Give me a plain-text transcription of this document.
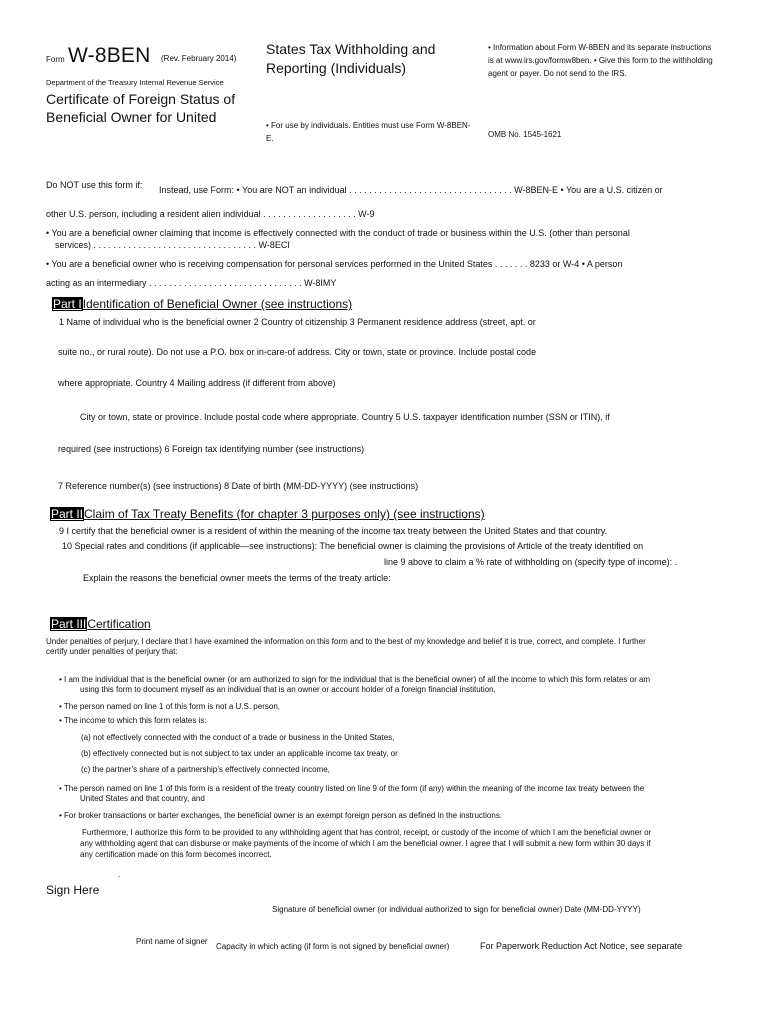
Form W-8BEN (Rev. February 2014)
Department of the Treasury Internal Revenue Service
Certificate of Foreign Status of Beneficial Owner for United
States Tax Withholding and Reporting (Individuals)
• For use by individuals. Entities must use Form W-8BEN-E.
• Information about Form W-8BEN and its separate instructions is at www.irs.gov/formw8ben. • Give this form to the withholding agent or payer. Do not send to the IRS.
OMB No. 1545-1621
Do NOT use this form if: Instead, use Form: • You are NOT an individual . . . . . . . . . . . . . . . . . . . . . . . . . . . . . . . . . W-8BEN-E • You are a U.S. citizen or
other U.S. person, including a resident alien individual . . . . . . . . . . . . . . . . . . . W-9
• You are a beneficial owner claiming that income is effectively connected with the conduct of trade or business within the U.S. (other than personal
services) . . . . . . . . . . . . . . . . . . . . . . . . . . . . . . . . . W-8ECI
• You are a beneficial owner who is receiving compensation for personal services performed in the United States . . . . . . . 8233 or W-4 • A person
acting as an intermediary . . . . . . . . . . . . . . . . . . . . . . . . . . . . . . . W-8IMY
Part IIdentification of Beneficial Owner (see instructions)
1 Name of individual who is the beneficial owner 2 Country of citizenship 3 Permanent residence address (street, apt. or
suite no., or rural route). Do not use a P.O. box or in-care-of address. City or town, state or province. Include postal code
where appropriate. Country 4 Mailing address (if different from above)
City or town, state or province. Include postal code where appropriate. Country 5 U.S. taxpayer identification number (SSN or ITIN), if
required (see instructions) 6 Foreign tax identifying number (see instructions)
7 Reference number(s) (see instructions) 8 Date of birth (MM-DD-YYYY) (see instructions)
Part IIClaim of Tax Treaty Benefits (for chapter 3 purposes only) (see instructions)
9 I certify that the beneficial owner is a resident of within the meaning of the income tax treaty between the United States and that country.
10 Special rates and conditions (if applicable—see instructions): The beneficial owner is claiming the provisions of Article of the treaty identified on
line 9 above to claim a % rate of withholding on (specify type of income): .
Explain the reasons the beneficial owner meets the terms of the treaty article:
Part IIICertification
Under penalties of perjury, I declare that I have examined the information on this form and to the best of my knowledge and belief it is true, correct, and complete. I further
certify under penalties of perjury that:
• I am the individual that is the beneficial owner (or am authorized to sign for the individual that is the beneficial owner) of all the income to which this form relates or am
using this form to document myself as an individual that is an owner or account holder of a foreign financial institution,
• The person named on line 1 of this form is not a U.S. person,
• The income to which this form relates is:
(a) not effectively connected with the conduct of a trade or business in the United States,
(b) effectively connected but is not subject to tax under an applicable income tax treaty, or
(c) the partner’s share of a partnership’s effectively connected income,
• The person named on line 1 of this form is a resident of the treaty country listed on line 9 of the form (if any) within the meaning of the income tax treaty between the
United States and that country, and
• For broker transactions or barter exchanges, the beneficial owner is an exempt foreign person as defined in the instructions.
Furthermore, I authorize this form to be provided to any withholding agent that has control, receipt, or custody of the income of which I am the beneficial owner or
any withholding agent that can disburse or make payments of the income of which I am the beneficial owner. I agree that I will submit a new form within 30 days if
any certification made on this form becomes incorrect.
.
Sign Here
Signature of beneficial owner (or individual authorized to sign for beneficial owner) Date (MM-DD-YYYY)
Print name of signer
Capacity in which acting (if form is not signed by beneficial owner)	For Paperwork Reduction Act Notice, see separate
